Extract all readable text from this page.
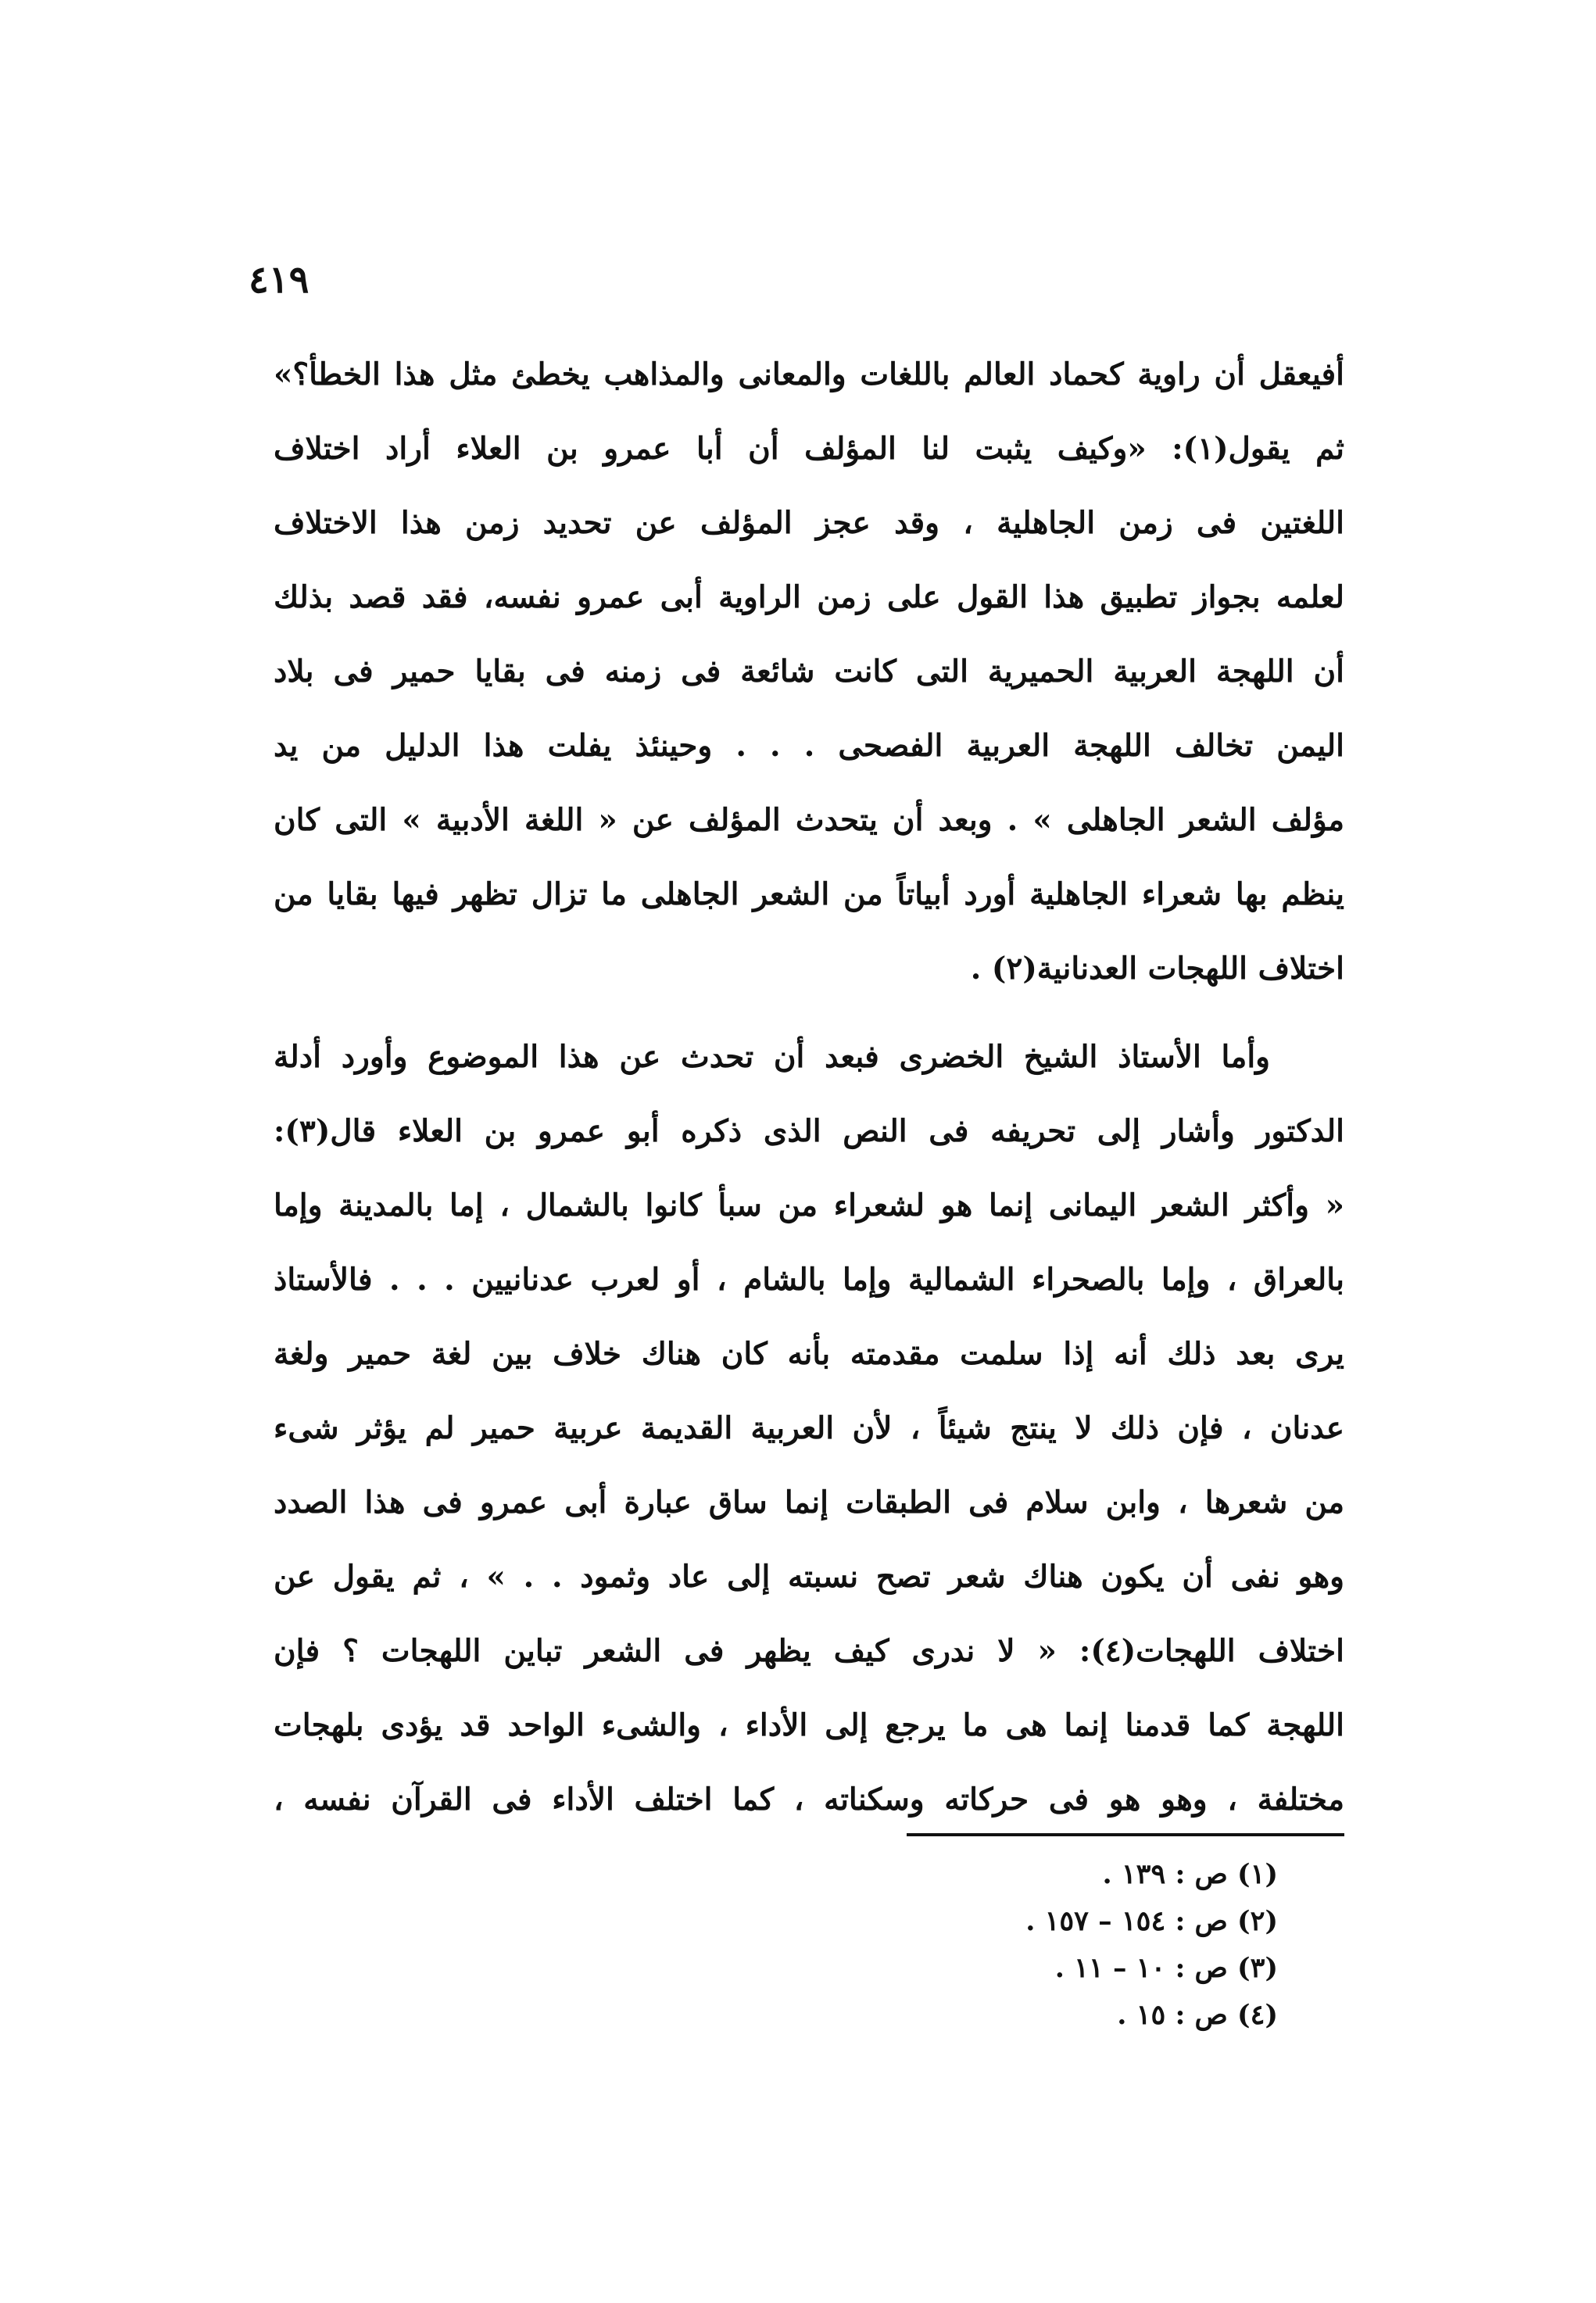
٤١٩
أفيعقل أن راوية كحماد العالم باللغات والمعانى والمذاهب يخطئ مثل هذا الخطأ؟»
ثم يقول(١): «وكيف يثبت لنا المؤلف أن أبا عمرو بن العلاء أراد اختلاف
اللغتين فى زمن الجاهلية ، وقد عجز المؤلف عن تحديد زمن هذا الاختلاف
لعلمه بجواز تطبيق هذا القول على زمن الراوية أبى عمرو نفسه، فقد قصد بذلك
أن اللهجة العربية الحميرية التى كانت شائعة فى زمنه فى بقايا حمير فى بلاد
اليمن تخالف اللهجة العربية الفصحى . . . وحينئذ يفلت هذا الدليل من يد
مؤلف الشعر الجاهلى » . وبعد أن يتحدث المؤلف عن « اللغة الأدبية » التى كان
ينظم بها شعراء الجاهلية أورد أبياتاً من الشعر الجاهلى ما تزال تظهر فيها بقايا من
اختلاف اللهجات العدنانية(٢) .
وأما الأستاذ الشيخ الخضرى فبعد أن تحدث عن هذا الموضوع وأورد أدلة
الدكتور وأشار إلى تحريفه فى النص الذى ذكره أبو عمرو بن العلاء قال(٣):
« وأكثر الشعر اليمانى إنما هو لشعراء من سبأ كانوا بالشمال ، إما بالمدينة وإما
بالعراق ، وإما بالصحراء الشمالية وإما بالشام ، أو لعرب عدنانيين . . . فالأستاذ
يرى بعد ذلك أنه إذا سلمت مقدمته بأنه كان هناك خلاف بين لغة حمير ولغة
عدنان ، فإن ذلك لا ينتج شيئاً ، لأن العربية القديمة عربية حمير لم يؤثر شىء
من شعرها ، وابن سلام فى الطبقات إنما ساق عبارة أبى عمرو فى هذا الصدد
وهو نفى أن يكون هناك شعر تصح نسبته إلى عاد وثمود . . » ، ثم يقول عن
اختلاف اللهجات(٤): « لا ندرى كيف يظهر فى الشعر تباين اللهجات ؟ فإن
اللهجة كما قدمنا إنما هى ما يرجع إلى الأداء ، والشىء الواحد قد يؤدى بلهجات
مختلفة ، وهو هو فى حركاته وسكناته ، كما اختلف الأداء فى القرآن نفسه ،
(١) ص : ١٣٩ .
(٢) ص : ١٥٤ – ١٥٧ .
(٣) ص : ١٠ – ١١ .
(٤) ص : ١٥ .
